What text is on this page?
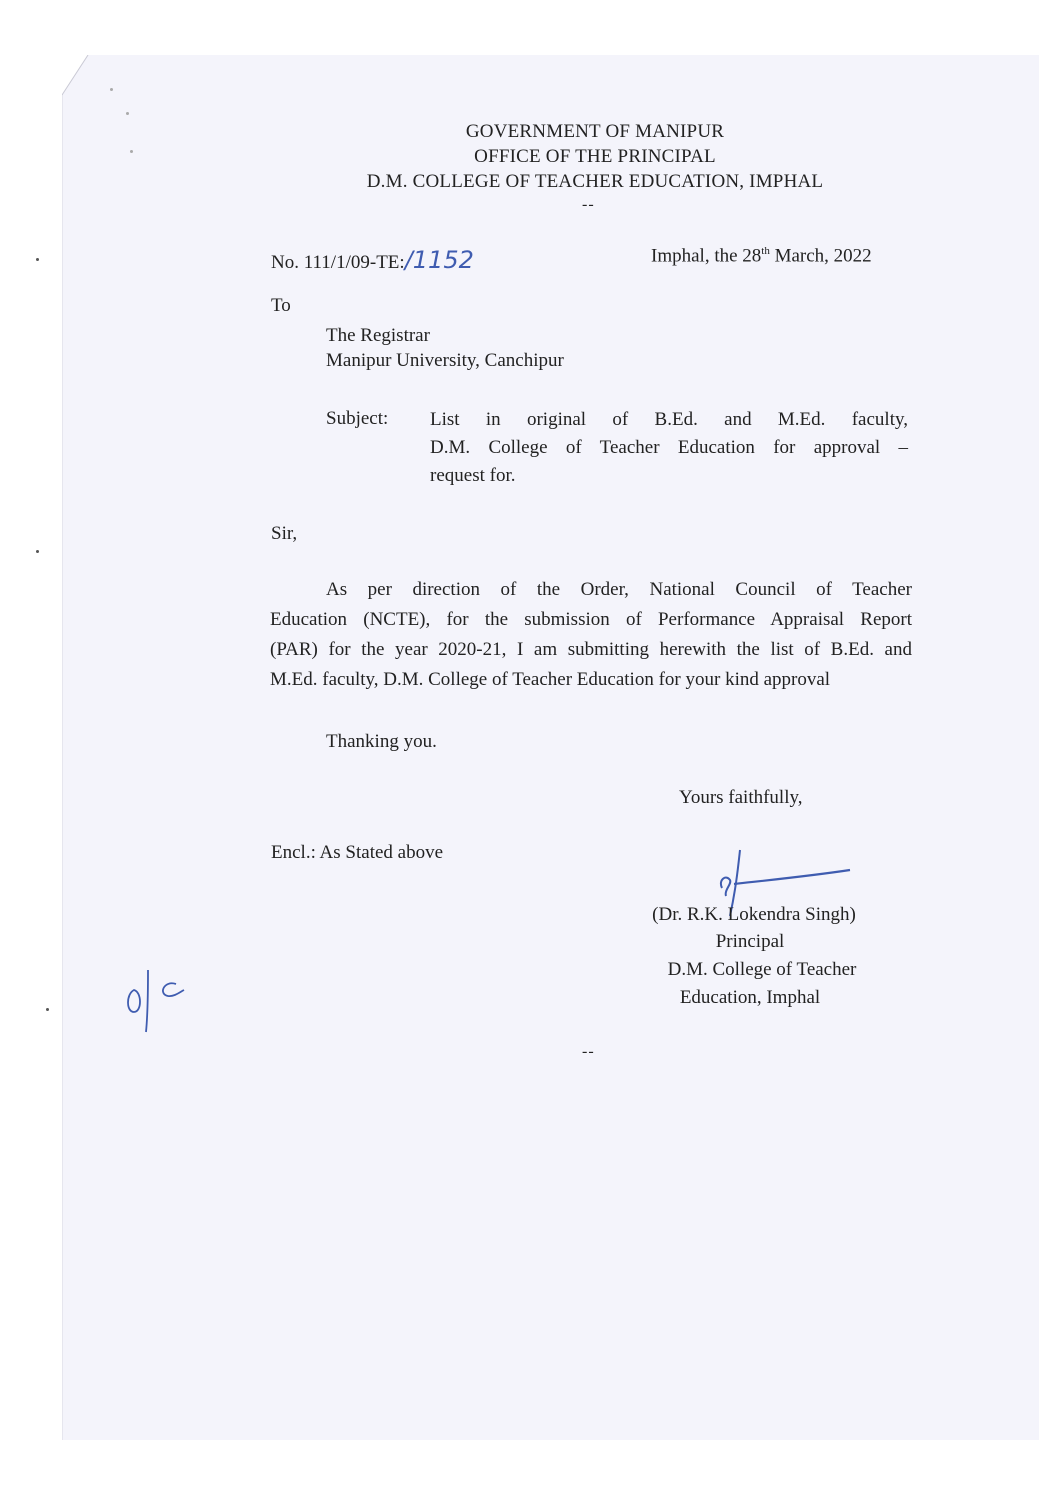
GOVERNMENT OF MANIPUR
OFFICE OF THE PRINCIPAL
D.M. COLLEGE OF TEACHER EDUCATION, IMPHAL
--
No. 111/1/09-TE:/1152	Imphal, the 28th March, 2022
To
The Registrar
Manipur University, Canchipur
Subject: List in original of B.Ed. and M.Ed. faculty,
D.M. College of Teacher Education for approval –
request for.
Sir,
As per direction of the Order, National Council of Teacher
Education (NCTE), for the submission of Performance Appraisal Report
(PAR) for the year 2020-21, I am submitting herewith the list of B.Ed. and
M.Ed. faculty, D.M. College of Teacher Education for your kind approval
Thanking you.
Yours faithfully,
Encl.: As Stated above
(Dr. R.K. Lokendra Singh)
Principal
D.M. College of Teacher
Education, Imphal
--
